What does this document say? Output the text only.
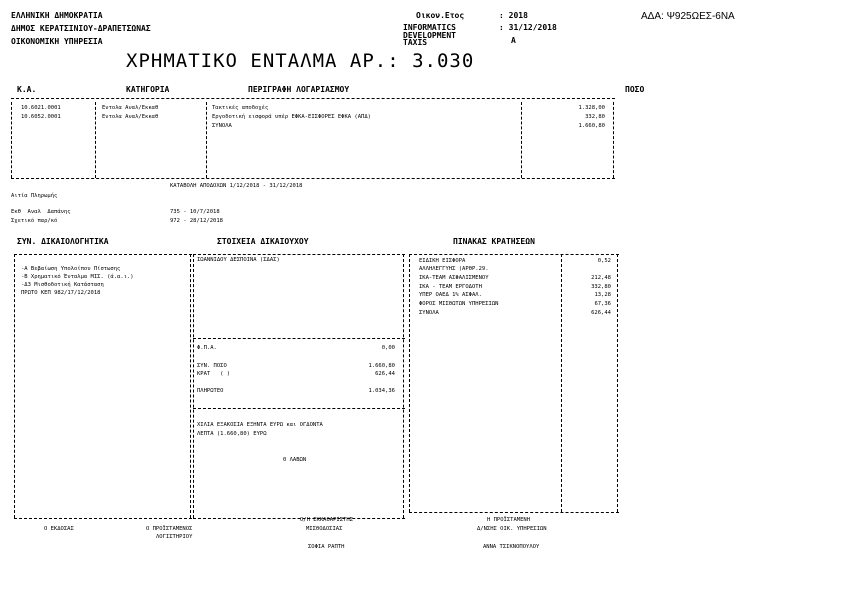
ΕΛΛΗΝΙΚΗ ΔΗΜΟΚΡΑΤΙΑ
ΔΗΜΟΣ ΚΕΡΑΤΣΙΝΙΟΥ-ΔΡΑΠΕΤΣΩΝΑΣ
ΟΙΚΟΝΟΜΙΚΗ ΥΠΗΡΕΣΙΑ
Οικον.Ετος	: 2018
INFORMATICS	: 31/12/2018
DEVELOPMENT
TAXIS	Α
ΑΔΑ: Ψ925ΩΕΣ-6ΝΑ
ΧΡΗΜΑΤΙΚΟ ΕΝΤΑΛΜΑ ΑΡ.: 3.030
Κ.Α.	ΚΑΤΗΓΟΡΙΑ	ΠΕΡΙΓΡΑΦΗ ΛΟΓΑΡΙΑΣΜΟΥ	ΠΟΣΟ
10.6021.0001	Εντολα Αναλ/Εκκαθ	Τακτικές αποδοχές	1.328,00
10.6052.0001	Εντολα Αναλ/Εκκαθ	Εργοδοτική εισφορά υπέρ ΕΦΚΑ-ΕΙΣΦΟΡΕΣ ΕΦΚΑ (ΑΠΔ)	332,80
ΣΥΝΟΛΑ	1.660,80
ΚΑΤΑΒΟΛΗ ΑΠΟΔΟΧΩΝ 1/12/2018 - 31/12/2018
Αιτία Πληρωμής
Εκθ  Αναλ  Δαπάνης	735 - 10/7/2018
Σχετικό παρ/κό	972 - 28/12/2018
ΣΥΝ. ΔΙΚΑΙΟΛΟΓΗΤΙΚΑ	ΣΤΟΙΧΕΙΑ ΔΙΚΑΙΟΥΧΟΥ	ΠΙΝΑΚΑΣ ΚΡΑΤΗΣΕΩΝ
-Α Βεβαίωση Υπολοίπου Πίστωσης
-Β Χρηματικό Ένταλμα ΜΙΣ. (ά.α.ι.)
-Δ3 Μισθοδοτική Κατάσταση
ΠΡΩΤΟ ΚΕΠ 982/17/12/2018
ΙΩΑΝΝΙΔΟΥ ΔΕΣΠΟΙΝΑ (ΣΔΑΣ)
Φ.Π.Α.	0,00
ΣΥΝ. ΠΟΣΟ	1.660,80
ΚΡΑΤ   ( )	626,44
ΠΛΗΡΩΤΕΟ	1.034,36
ΧΙΛΙΑ ΕΞΑΚΟΣΙΑ ΕΞΗΝΤΑ ΕΥΡΩ και ΟΓΔΟΝΤΑ
ΛΕΠΤΑ (1.660,80) ΕΥΡΩ
0 ΛΑΒΩΝ
ΕΙΔΙΚΗ ΕΙΣΦΟΡΑ	0,52
ΑΛΛΗΛΕΓΓΥΗΣ (ΑΡΘΡ.29.
ΙΚΑ-ΤΕΑΜ ΑΣΦΑΛΙΣΜΕΝΟΥ	212,48
ΙΚΑ - ΤΕΑΜ ΕΡΓΟΔΟΤΗ	332,80
ΥΠΕΡ ΟΑΕΔ 1% ΑΣΦΑΛ.	13,28
ΦΟΡΟΣ ΜΙΣΘΩΤΩΝ ΥΠΗΡΕΣΙΩΝ	67,36
ΣΥΝΟΛΑ	626,44
Ο ΕΚΔΟΣΑΣ	Ο ΠΡΟΪΣΤΑΜΕΝΟΣ
ΛΟΓΙΣΤΗΡΙΟΥ
Ο/Η ΕΚΚΑΘΑΡΙΣΤΗΣ
ΜΙΣΘΟΔΟΣΙΑΣ
ΣΟΦΙΑ ΡΑΠΤΗ
Η ΠΡΟΪΣΤΑΜΕΝΗ
Δ/ΝΣΗΣ ΟΙΚ. ΥΠΗΡΕΣΙΩΝ
ΑΝΝΑ ΤΣΙΚΝΟΠΟΥΛΟΥ
